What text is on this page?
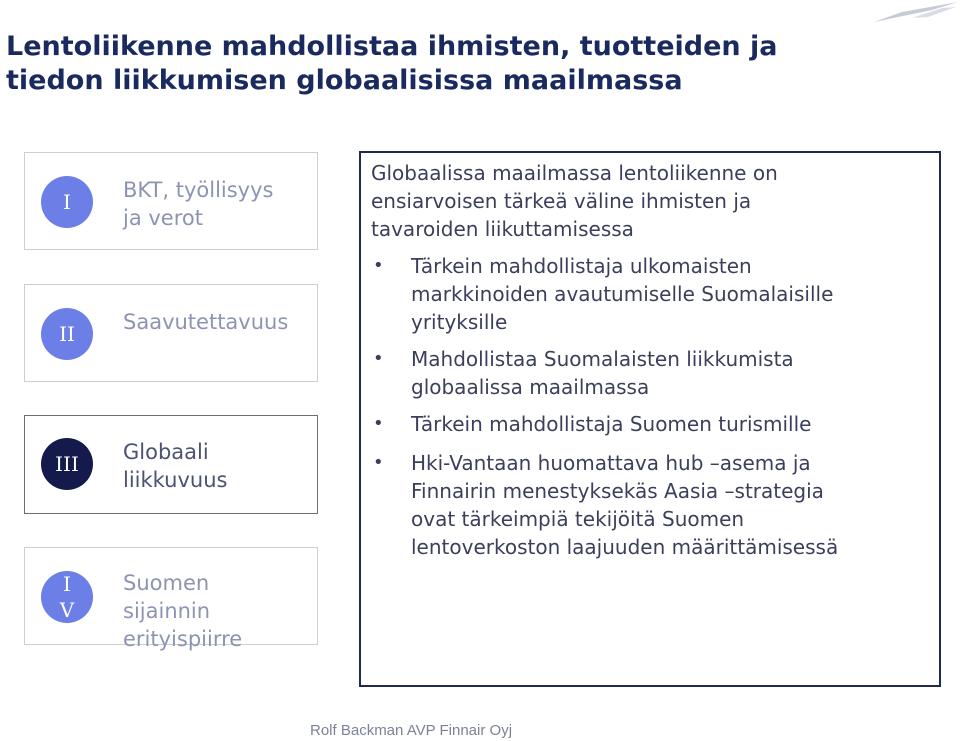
Lentoliikenne mahdollistaa ihmisten, tuotteiden ja
tiedon liikkumisen globaalisissa maailmassa
I BKT, työllisyys
ja verot
II Saavutettavuus
III Globaali
liikkuvuus
I
V
Suomen
sijainnin
erityispiirre
Globaalissa maailmassa lentoliikenne on
ensiarvoisen tärkeä väline ihmisten ja
tavaroiden liikuttamisessa
• Tärkein mahdollistaja ulkomaisten
markkinoiden avautumiselle Suomalaisille
yrityksille
• Mahdollistaa Suomalaisten liikkumista
globaalissa maailmassa
• Tärkein mahdollistaja Suomen turismille
• Hki-Vantaan huomattava hub –asema ja
Finnairin menestyksekäs Aasia –strategia
ovat tärkeimpiä tekijöitä Suomen
lentoverkoston laajuuden määrittämisessä
Rolf Backman AVP Finnair Oyj
